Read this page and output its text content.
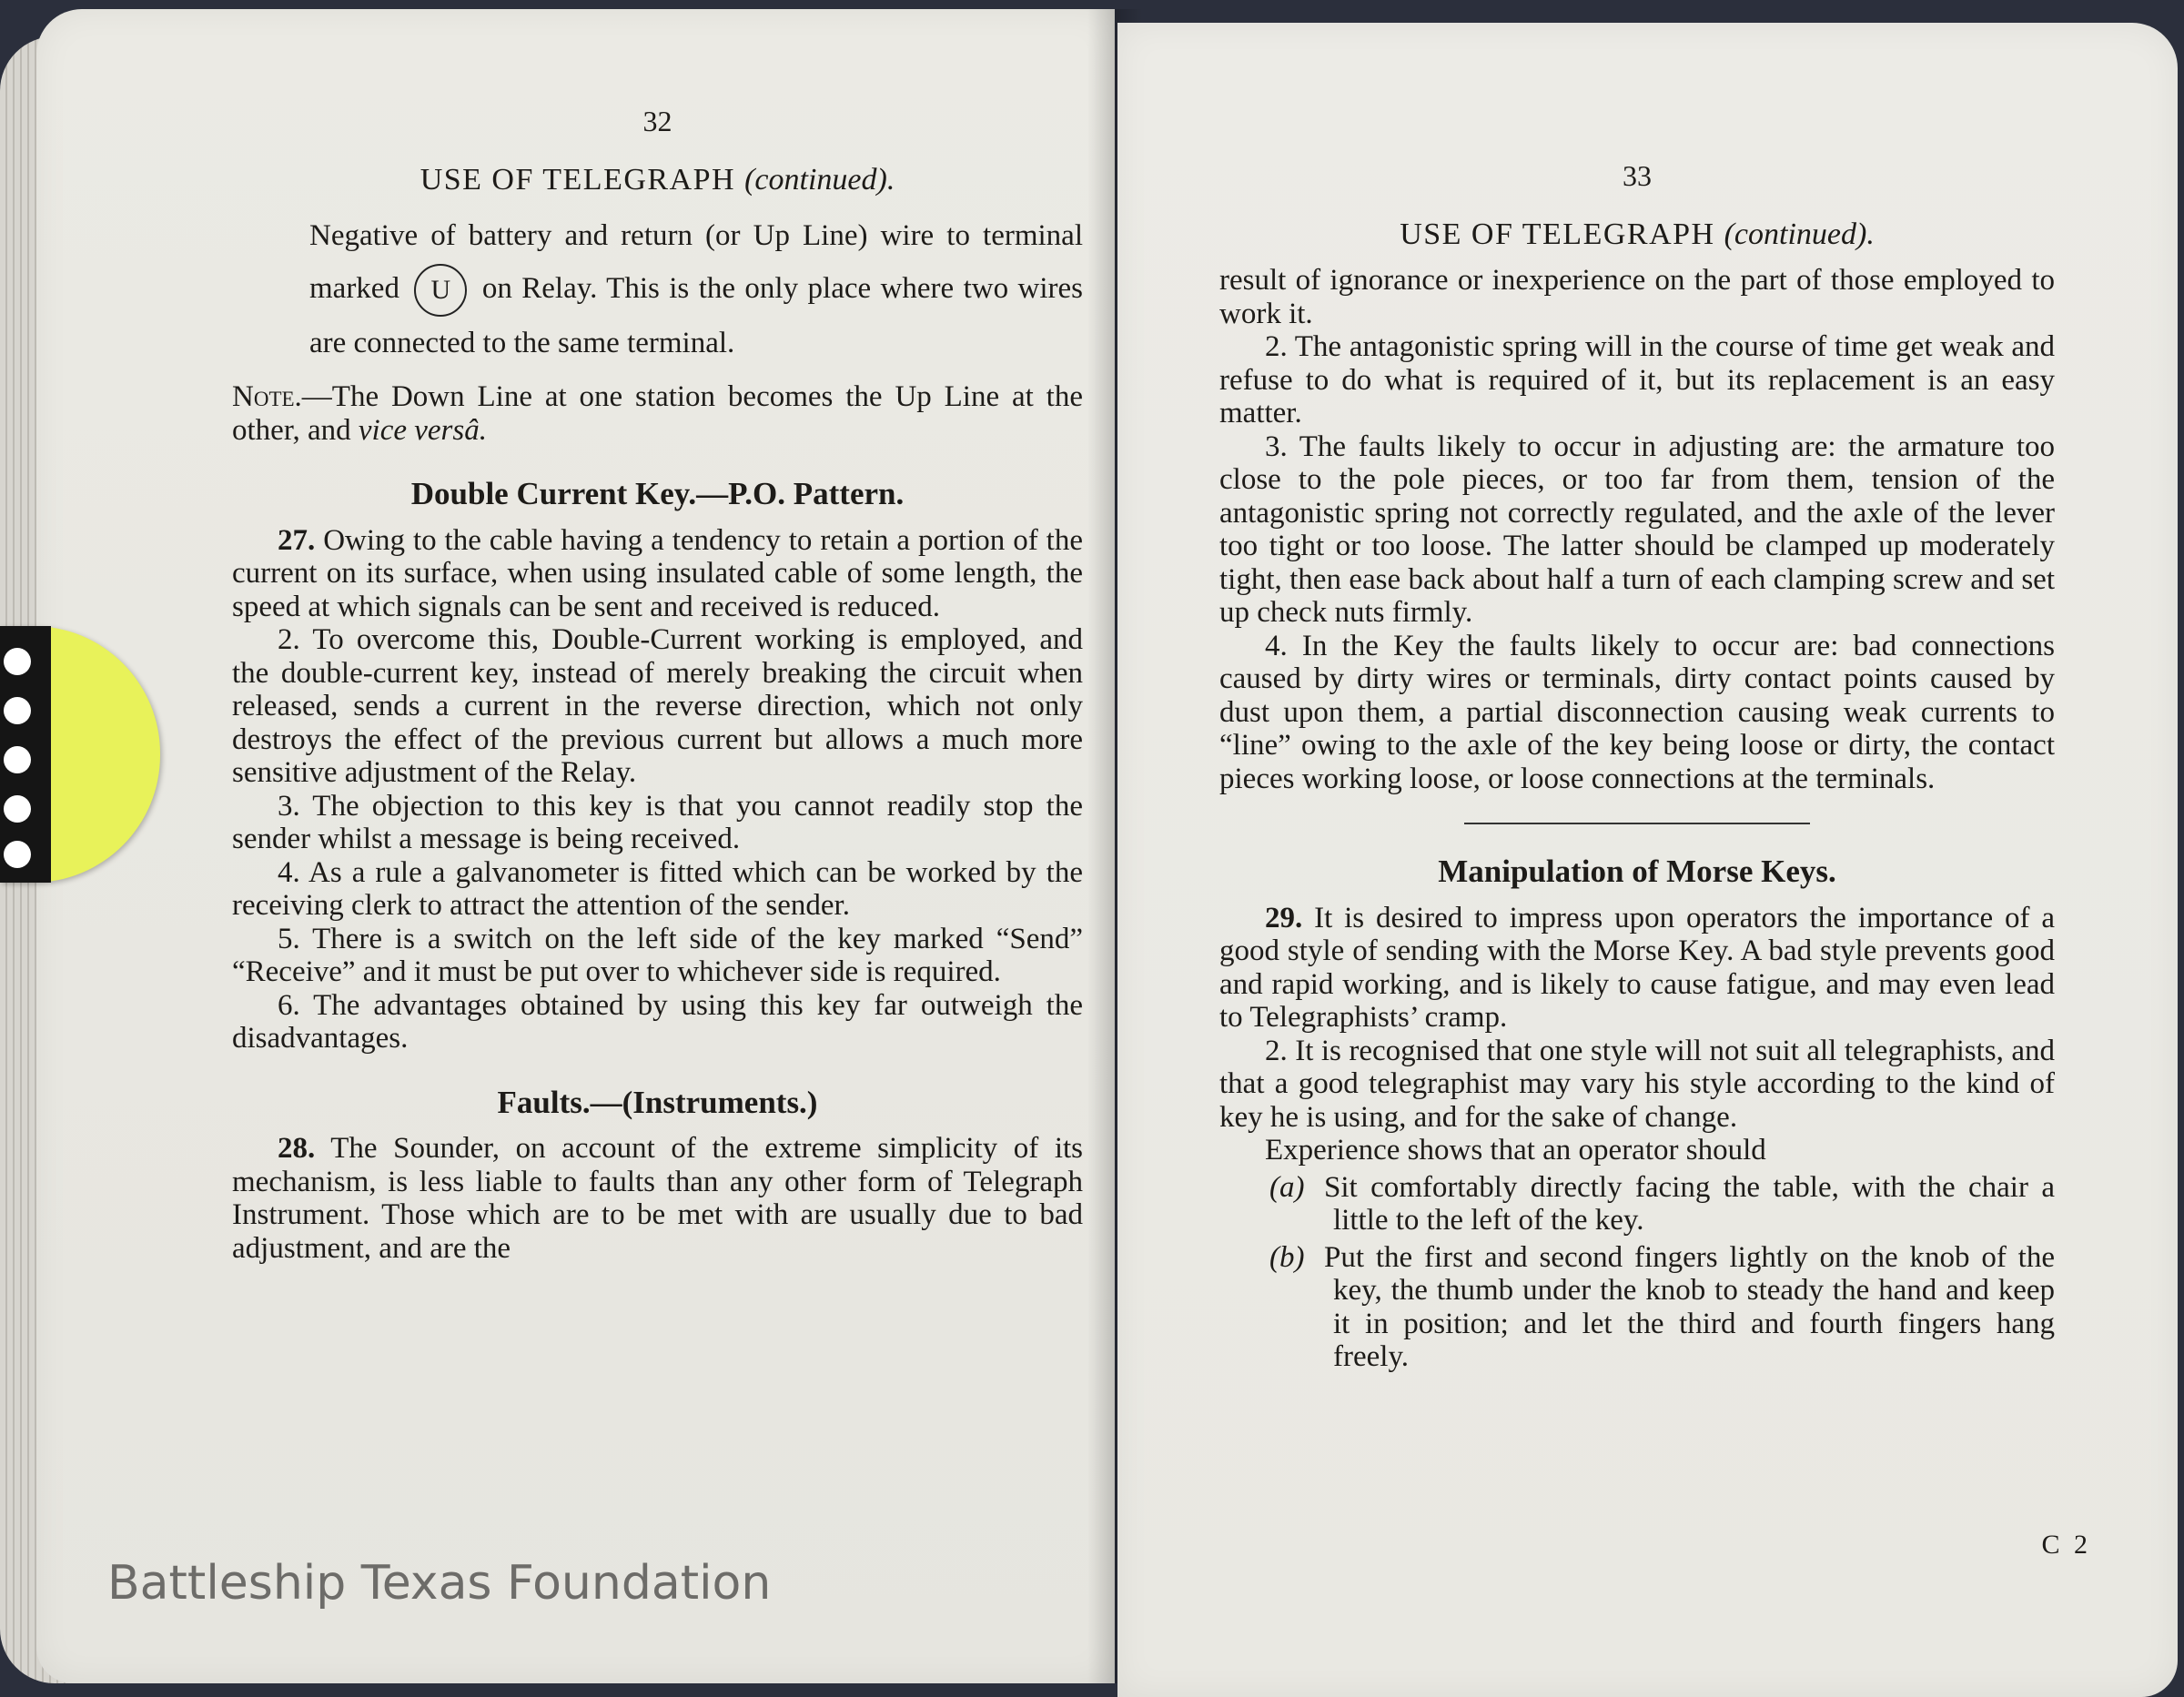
32
USE OF TELEGRAPH (continued).

Negative of battery and return (or Up Line) wire to terminal marked U on Relay. This is the only place where two wires are connected to the same terminal.

Note.—The Down Line at one station becomes the Up Line at the other, and vice versâ.

Double Current Key.—P.O. Pattern.

27. Owing to the cable having a tendency to retain a portion of the current on its surface, when using insulated cable of some length, the speed at which signals can be sent and received is reduced.

2. To overcome this, Double-Current working is employed, and the double-current key, instead of merely breaking the circuit when released, sends a current in the reverse direction, which not only destroys the effect of the previous current but allows a much more sensitive adjustment of the Relay.

3. The objection to this key is that you cannot readily stop the sender whilst a message is being received.

4. As a rule a galvanometer is fitted which can be worked by the receiving clerk to attract the attention of the sender.

5. There is a switch on the left side of the key marked “Send” “Receive” and it must be put over to whichever side is required.

6. The advantages obtained by using this key far outweigh the disadvantages.

Faults.—(Instruments.)

28. The Sounder, on account of the extreme simplicity of its mechanism, is less liable to faults than any other form of Telegraph Instrument. Those which are to be met with are usually due to bad adjustment, and are the

33
USE OF TELEGRAPH (continued).

result of ignorance or inexperience on the part of those employed to work it.

2. The antagonistic spring will in the course of time get weak and refuse to do what is required of it, but its replacement is an easy matter.

3. The faults likely to occur in adjusting are: the armature too close to the pole pieces, or too far from them, tension of the antagonistic spring not correctly regulated, and the axle of the lever too tight or too loose. The latter should be clamped up moderately tight, then ease back about half a turn of each clamping screw and set up check nuts firmly.

4. In the Key the faults likely to occur are: bad connections caused by dirty wires or terminals, dirty contact points caused by dust upon them, a partial disconnection causing weak currents to “line” owing to the axle of the key being loose or dirty, the contact pieces working loose, or loose connections at the terminals.

Manipulation of Morse Keys.

29. It is desired to impress upon operators the importance of a good style of sending with the Morse Key. A bad style prevents good and rapid working, and is likely to cause fatigue, and may even lead to Telegraphists’ cramp.

2. It is recognised that one style will not suit all telegraphists, and that a good telegraphist may vary his style according to the kind of key he is using, and for the sake of change.

Experience shows that an operator should

(a) Sit comfortably directly facing the table, with the chair a little to the left of the key.

(b) Put the first and second fingers lightly on the knob of the key, the thumb under the knob to steady the hand and keep it in position; and let the third and fourth fingers hang freely.

C 2
Battleship Texas Foundation
